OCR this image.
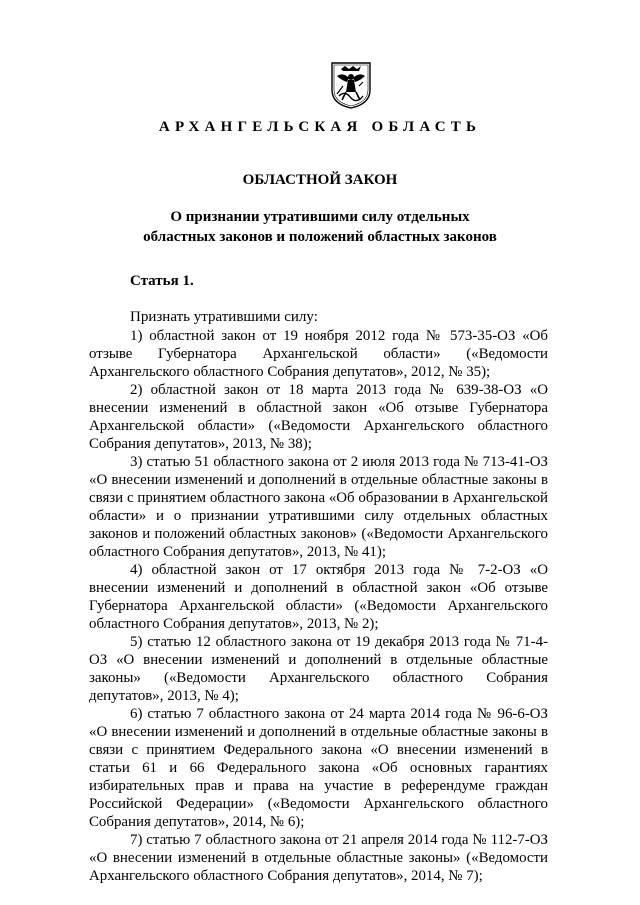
АРХАНГЕЛЬСКАЯ ОБЛАСТЬ
ОБЛАСТНОЙ ЗАКОН
О признании утратившими силу отдельных
областных законов и положений областных законов
Статья 1.
Признать утратившими силу:

1) областной закон от 19 ноября 2012 года № 573-35-ОЗ «Об отзыве Губернатора Архангельской области» («Ведомости Архангельского областного Собрания депутатов», 2012, № 35);

2) областной закон от 18 марта 2013 года № 639-38-ОЗ «О внесении изменений в областной закон «Об отзыве Губернатора Архангельской области» («Ведомости Архангельского областного Собрания депутатов», 2013, № 38);

3) статью 51 областного закона от 2 июля 2013 года № 713-41-ОЗ «О внесении изменений и дополнений в отдельные областные законы в связи с принятием областного закона «Об образовании в Архангельской области» и о признании утратившими силу отдельных областных законов и положений областных законов» («Ведомости Архангельского областного Собрания депутатов», 2013, № 41);

4) областной закон от 17 октября 2013 года № 7-2-ОЗ «О внесении изменений и дополнений в областной закон «Об отзыве Губернатора Архангельской области» («Ведомости Архангельского областного Собрания депутатов», 2013, № 2);

5) статью 12 областного закона от 19 декабря 2013 года № 71-4-ОЗ «О внесении изменений и дополнений в отдельные областные законы» («Ведомости Архангельского областного Собрания депутатов», 2013, № 4);

6) статью 7 областного закона от 24 марта 2014 года № 96-6-ОЗ «О внесении изменений и дополнений в отдельные областные законы в связи с принятием Федерального закона «О внесении изменений в статьи 61 и 66 Федерального закона «Об основных гарантиях избирательных прав и права на участие в референдуме граждан Российской Федерации» («Ведомости Архангельского областного Собрания депутатов», 2014, № 6);

7) статью 7 областного закона от 21 апреля 2014 года № 112-7-ОЗ «О внесении изменений в отдельные областные законы» («Ведомости Архангельского областного Собрания депутатов», 2014, № 7);
